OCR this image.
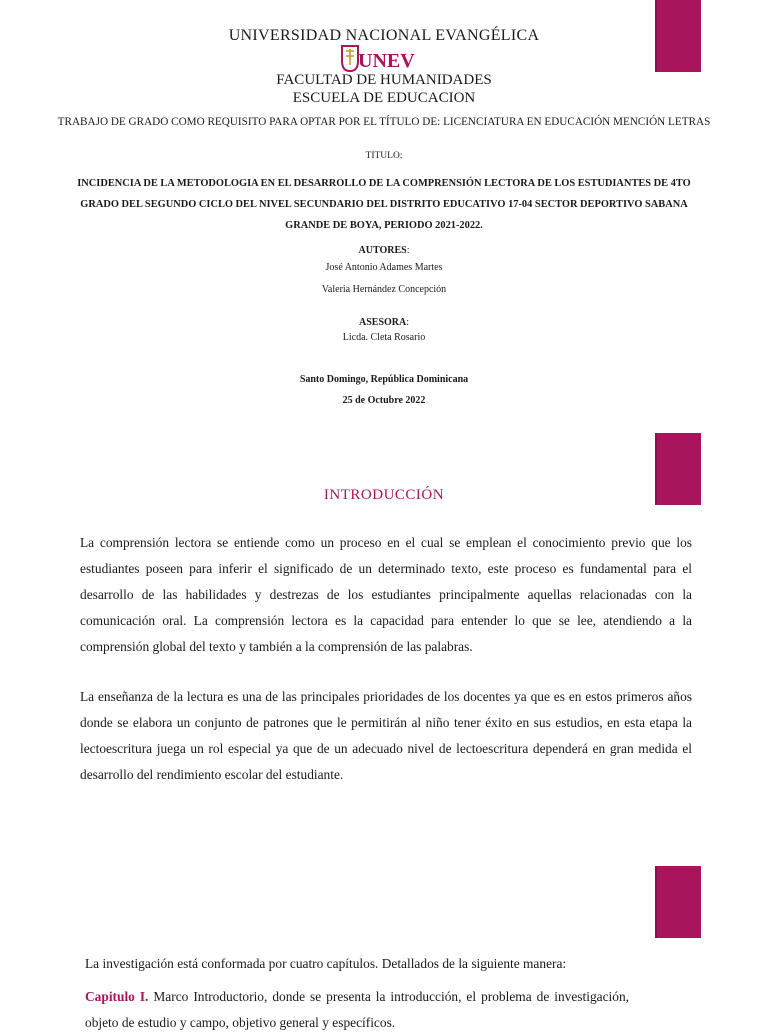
UNIVERSIDAD NACIONAL EVANGÉLICA
UNEV
FACULTAD DE HUMANIDADES
ESCUELA DE EDUCACION
TRABAJO DE GRADO COMO REQUISITO PARA OPTAR POR EL TÍTULO DE: LICENCIATURA EN EDUCACIÓN MENCIÓN LETRAS
TITULO:
INCIDENCIA DE LA METODOLOGIA EN EL DESARROLLO DE LA COMPRENSIÓN LECTORA DE LOS ESTUDIANTES DE 4TO
GRADO DEL SEGUNDO CICLO DEL NIVEL SECUNDARIO DEL DISTRITO EDUCATIVO 17-04 SECTOR DEPORTIVO SABANA
GRANDE DE BOYA, PERIODO 2021-2022.
AUTORES:
José Antonio Adames Martes
Valeria Hernández Concepción
ASESORA:
Licda. Cleta Rosario
Santo Domingo, República Dominicana
25 de Octubre 2022
INTRODUCCIÓN
La comprensión lectora se entiende como un proceso en el cual se emplean el conocimiento previo que los estudiantes poseen para inferir el significado de un determinado texto, este proceso es fundamental para el desarrollo de las habilidades y destrezas de los estudiantes principalmente aquellas relacionadas con la comunicación oral. La comprensión lectora es la capacidad para entender lo que se lee, atendiendo a la comprensión global del texto y también a la comprensión de las palabras.
La enseñanza de la lectura es una de las principales prioridades de los docentes ya que es en estos primeros años donde se elabora un conjunto de patrones que le permitirán al niño tener éxito en sus estudios, en esta etapa la lectoescritura juega un rol especial ya que de un adecuado nivel de lectoescritura dependerá en gran medida el desarrollo del rendimiento escolar del estudiante.
La investigación está conformada por cuatro capítulos. Detallados de la siguiente manera:
Capitulo I. Marco Introductorio, donde se presenta la introducción, el problema de investigación, objeto de estudio y campo, objetivo general y específicos.
